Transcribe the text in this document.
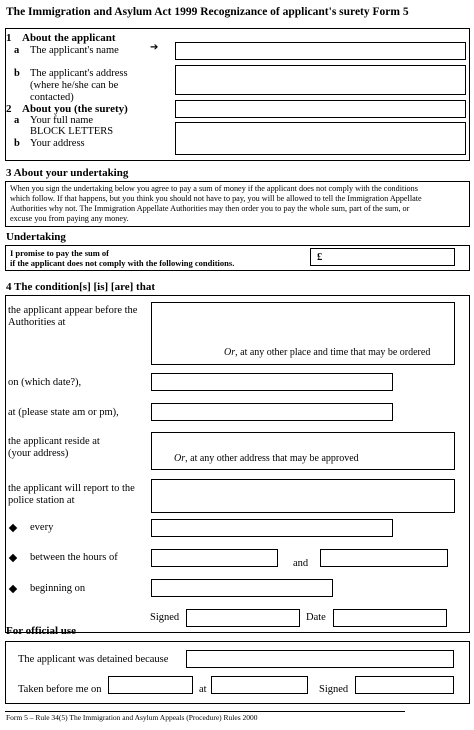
The Immigration and Asylum Act 1999 Recognizance of applicant's surety Form 5
1 About the applicant
a The applicant's name	➔
b The applicant's address
(where he/she can be
contacted)
2 About you (the surety)
a Your full name
BLOCK LETTERS
b Your address
3 About your undertaking
When you sign the undertaking below you agree to pay a sum of money if the applicant does not comply with the conditions
which follow. If that happens, but you think you should not have to pay, you will be allowed to tell the Immigration Appellate
Authorities why not. The Immigration Appellate Authorities may then order you to pay the whole sum, part of the sum, or
excuse you from paying any money.
Undertaking
I promise to pay the sum of
if the applicant does not comply with the following conditions.	£
4 The condition[s] [is] [are] that
the applicant appear before the
Authorities at
Or, at any other place and time that may be ordered
on (which date?),
at (please state am or pm),
the applicant reside at
(your address)	Or, at any other address that may be approved
the applicant will report to the
police station at
every
between the hours of
and
beginning on
Signed	Date
For official use
The applicant was detained because
Taken before me on	at	Signed
Form 5 – Rule 34(5) The Immigration and Asylum Appeals (Procedure) Rules 2000
